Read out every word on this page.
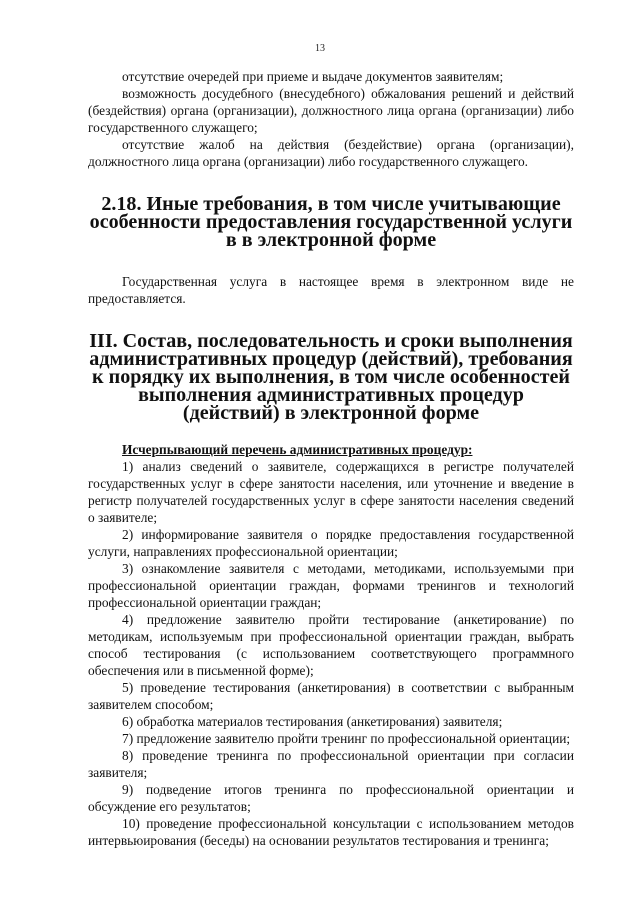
13

отсутствие очередей при приеме и выдаче документов заявителям;

возможность досудебного (внесудебного) обжалования решений и действий (бездействия) органа (организации), должностного лица органа (организации) либо государственного служащего;

отсутствие жалоб на действия (бездействие) органа (организации), должностного лица органа (организации) либо государственного служащего.

2.18. Иные требования, в том числе учитывающие особенности предоставления государственной услуги в в электронной форме

Государственная услуга в настоящее время в электронном виде не предоставляется.

III. Состав, последовательность и сроки выполнения административных процедур (действий), требования к порядку их выполнения, в том числе особенностей выполнения административных процедур (действий) в электронной форме

Исчерпывающий перечень административных процедур:

1) анализ сведений о заявителе, содержащихся в регистре получателей государственных услуг в сфере занятости населения, или уточнение и введение в регистр получателей государственных услуг в сфере занятости населения сведений о заявителе;

2) информирование заявителя о порядке предоставления государственной услуги, направлениях профессиональной ориентации;

3) ознакомление заявителя с методами, методиками, используемыми при профессиональной ориентации граждан, формами тренингов и технологий профессиональной ориентации граждан;

4) предложение заявителю пройти тестирование (анкетирование) по методикам, используемым при профессиональной ориентации граждан, выбрать способ тестирования (с использованием соответствующего программного обеспечения или в письменной форме);

5) проведение тестирования (анкетирования) в соответствии с выбранным заявителем способом;

6) обработка материалов тестирования (анкетирования) заявителя;

7) предложение заявителю пройти тренинг по профессиональной ориентации;

8) проведение тренинга по профессиональной ориентации при согласии заявителя;

9) подведение итогов тренинга по профессиональной ориентации и обсуждение его результатов;

10) проведение профессиональной консультации с использованием методов интервьюирования (беседы) на основании результатов тестирования и тренинга;
